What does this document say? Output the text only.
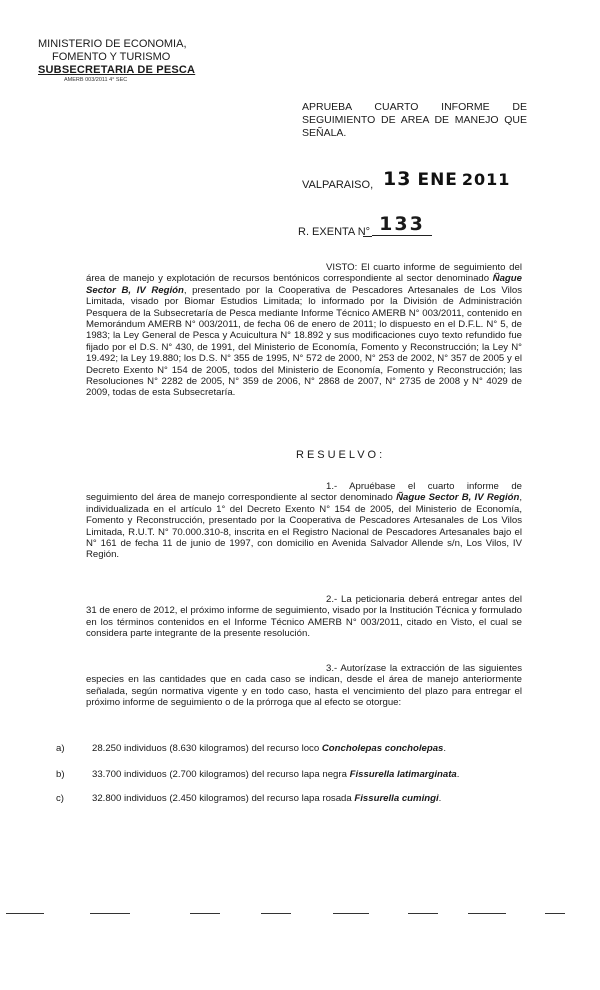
MINISTERIO DE ECONOMIA,
FOMENTO Y TURISMO
SUBSECRETARIA DE PESCA
AMERB 003/2011 4° SEC
APRUEBA CUARTO INFORME DE SEGUIMIENTO DE AREA DE MANEJO QUE SEÑALA.
VALPARAISO, 13 ENE 2011
R. EXENTA N° 133
VISTO: El cuarto informe de seguimiento del área de manejo y explotación de recursos bentónicos correspondiente al sector denominado Ñague Sector B, IV Región, presentado por la Cooperativa de Pescadores Artesanales de Los Vilos Limitada, visado por Biomar Estudios Limitada; lo informado por la División de Administración Pesquera de la Subsecretaría de Pesca mediante Informe Técnico AMERB N° 003/2011, contenido en Memorándum AMERB N° 003/2011, de fecha 06 de enero de 2011; lo dispuesto en el D.F.L. N° 5, de 1983; la Ley General de Pesca y Acuicultura N° 18.892 y sus modificaciones cuyo texto refundido fue fijado por el D.S. N° 430, de 1991, del Ministerio de Economía, Fomento y Reconstrucción; la Ley N° 19.492; la Ley 19.880; los D.S. N° 355 de 1995, N° 572 de 2000, N° 253 de 2002, N° 357 de 2005 y el Decreto Exento N° 154 de 2005, todos del Ministerio de Economía, Fomento y Reconstrucción; las Resoluciones N° 2282 de 2005, N° 359 de 2006, N° 2868 de 2007, N° 2735 de 2008 y N° 4029 de 2009, todas de esta Subsecretaría.
RESUELVO:
1.- Apruébase el cuarto informe de seguimiento del área de manejo correspondiente al sector denominado Ñague Sector B, IV Región, individualizada en el artículo 1° del Decreto Exento N° 154 de 2005, del Ministerio de Economía, Fomento y Reconstrucción, presentado por la Cooperativa de Pescadores Artesanales de Los Vilos Limitada, R.U.T. N° 70.000.310-8, inscrita en el Registro Nacional de Pescadores Artesanales bajo el N° 161 de fecha 11 de junio de 1997, con domicilio en Avenida Salvador Allende s/n, Los Vilos, IV Región.
2.- La peticionaria deberá entregar antes del 31 de enero de 2012, el próximo informe de seguimiento, visado por la Institución Técnica y formulado en los términos contenidos en el Informe Técnico AMERB N° 003/2011, citado en Visto, el cual se considera parte integrante de la presente resolución.
3.- Autorízase la extracción de las siguientes especies en las cantidades que en cada caso se indican, desde el área de manejo anteriormente señalada, según normativa vigente y en todo caso, hasta el vencimiento del plazo para entregar el próximo informe de seguimiento o de la prórroga que al efecto se otorgue:
a)	28.250 individuos (8.630 kilogramos) del recurso loco Concholepas concholepas.
b)	33.700 individuos (2.700 kilogramos) del recurso lapa negra Fissurella latimarginata.
c)	32.800 individuos (2.450 kilogramos) del recurso lapa rosada Fissurella cumingi.
